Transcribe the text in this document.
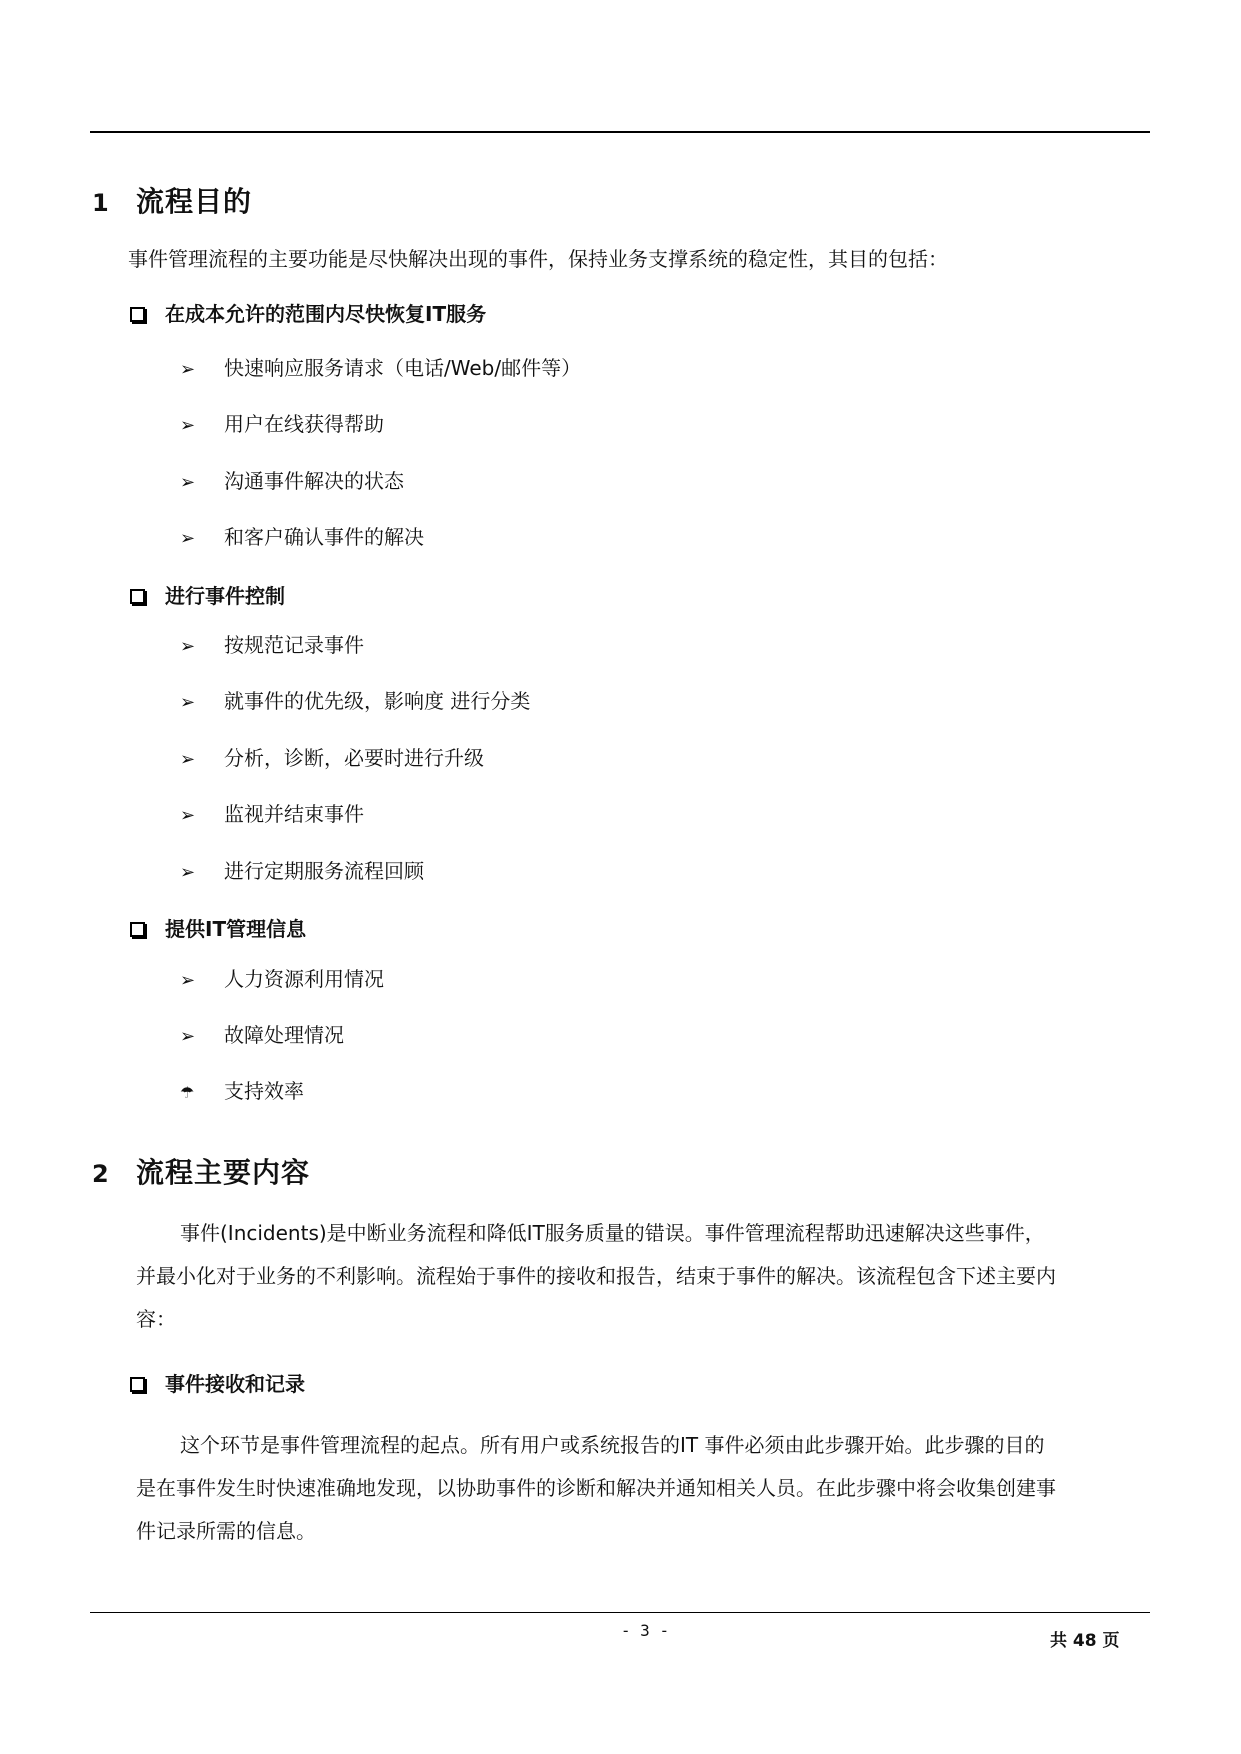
1 流程目的
事件管理流程的主要功能是尽快解决出现的事件，保持业务支撑系统的稳定性，其目的包括：
在成本允许的范围内尽快恢复IT服务
➢ 快速响应服务请求（电话/Web/邮件等）
➢ 用户在线获得帮助
➢ 沟通事件解决的状态
➢ 和客户确认事件的解决
进行事件控制
➢ 按规范记录事件
➢ 就事件的优先级，影响度 进行分类
➢ 分析，诊断，必要时进行升级
➢ 监视并结束事件
➢ 进行定期服务流程回顾
提供IT管理信息
➢ 人力资源利用情况
➢ 故障处理情况
☂ 支持效率
2 流程主要内容
事件(Incidents)是中断业务流程和降低IT服务质量的错误。事件管理流程帮助迅速解决这些事件，
并最小化对于业务的不利影响。流程始于事件的接收和报告，结束于事件的解决。该流程包含下述主要内
容：
事件接收和记录
这个环节是事件管理流程的起点。所有用户或系统报告的IT 事件必须由此步骤开始。此步骤的目的
是在事件发生时快速准确地发现，以协助事件的诊断和解决并通知相关人员。在此步骤中将会收集创建事
件记录所需的信息。
- 3 -
共 48 页
